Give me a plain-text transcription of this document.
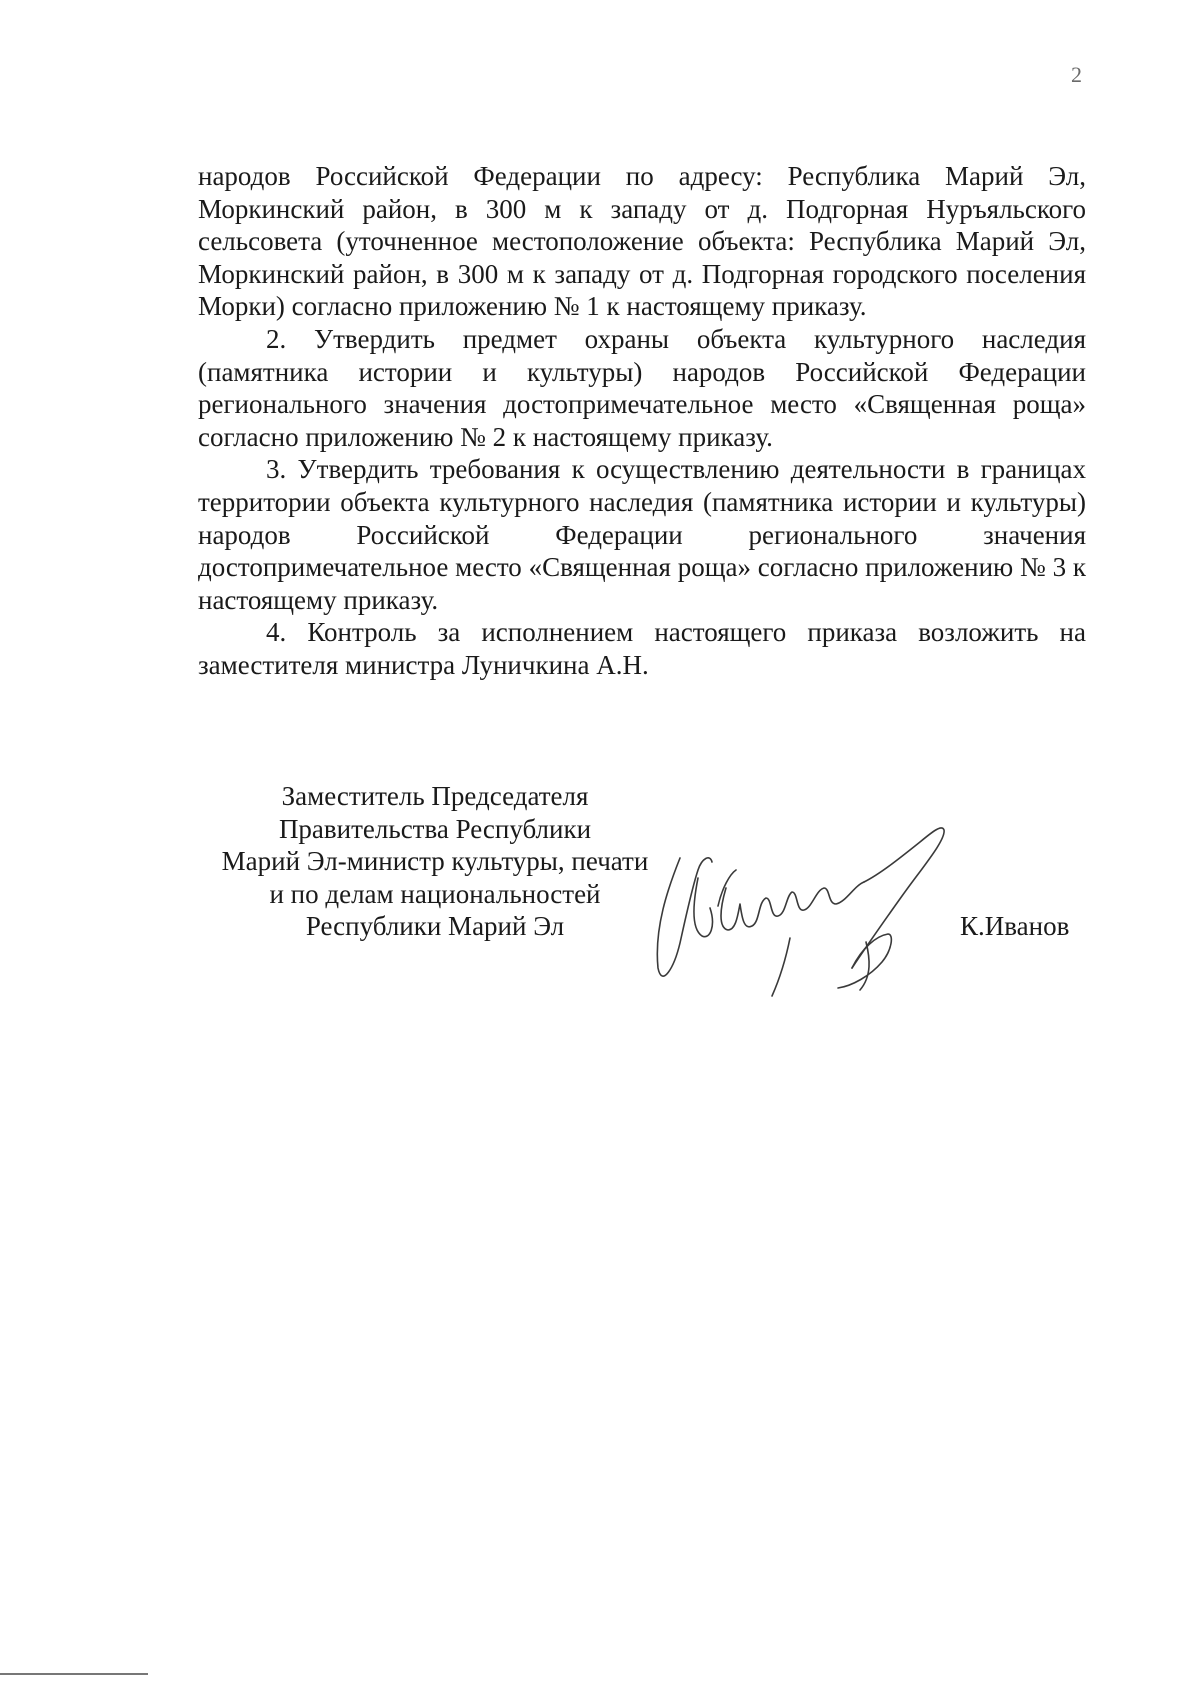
2

народов Российской Федерации по адресу: Республика Марий Эл, Моркинский район, в 300 м к западу от д. Подгорная Нуръяльского сельсовета (уточненное местоположение объекта: Республика Марий Эл, Моркинский район, в 300 м к западу от д. Подгорная городского поселения Морки) согласно приложению № 1 к настоящему приказу.

2. Утвердить предмет охраны объекта культурного наследия (памятника истории и культуры) народов Российской Федерации регионального значения достопримечательное место «Священная роща» согласно приложению № 2 к настоящему приказу.

3. Утвердить требования к осуществлению деятельности в границах территории объекта культурного наследия (памятника истории и культуры) народов Российской Федерации регионального значения достопримечательное место «Священная роща» согласно приложению № 3 к настоящему приказу.

4. Контроль за исполнением настоящего приказа возложить на заместителя министра Луничкина А.Н.

Заместитель Председателя
Правительства Республики
Марий Эл-министр культуры, печати
и по делам национальностей
Республики Марий Эл	К.Иванов
